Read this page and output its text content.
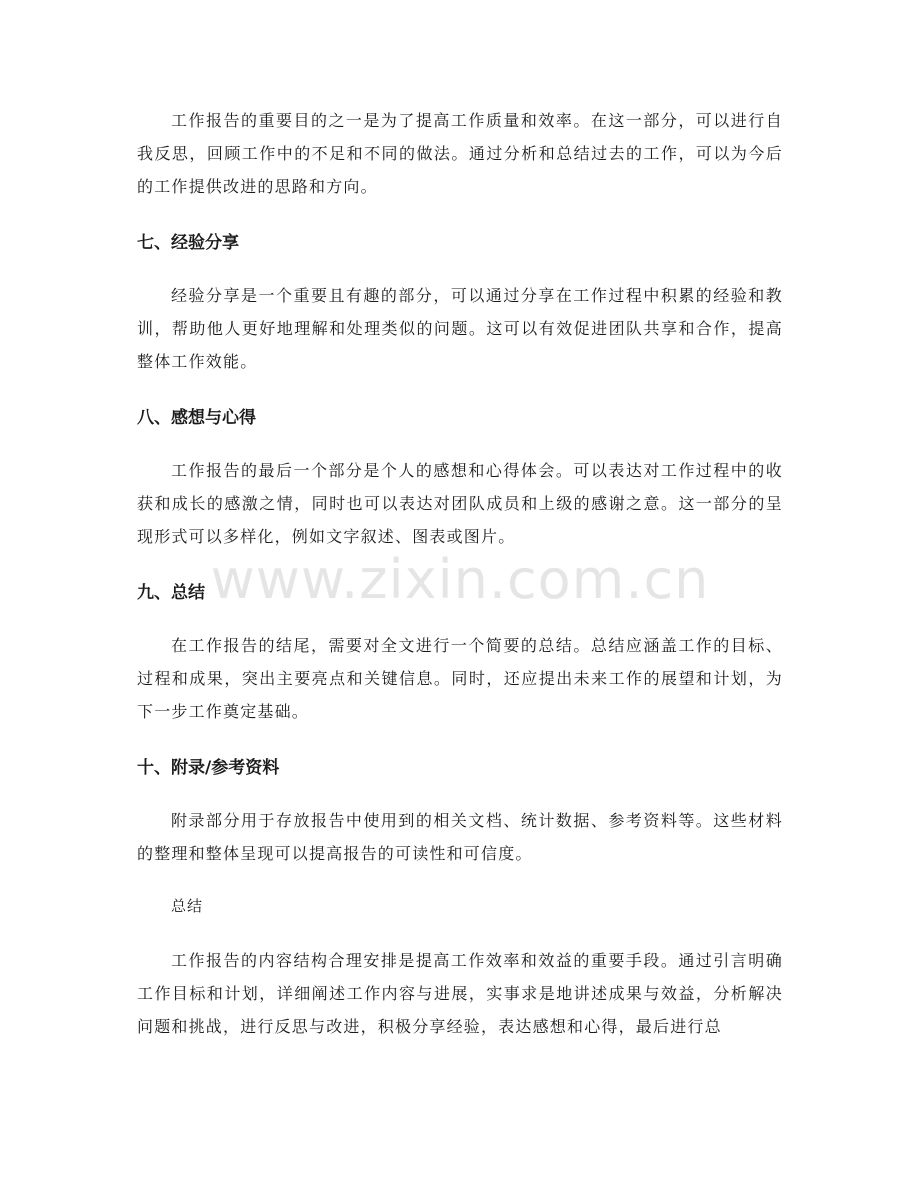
工作报告的重要目的之一是为了提高工作质量和效率。在这一部分，可以进行自我反思，回顾工作中的不足和不同的做法。通过分析和总结过去的工作，可以为今后的工作提供改进的思路和方向。

七、经验分享

经验分享是一个重要且有趣的部分，可以通过分享在工作过程中积累的经验和教训，帮助他人更好地理解和处理类似的问题。这可以有效促进团队共享和合作，提高整体工作效能。

八、感想与心得

工作报告的最后一个部分是个人的感想和心得体会。可以表达对工作过程中的收获和成长的感激之情，同时也可以表达对团队成员和上级的感谢之意。这一部分的呈现形式可以多样化，例如文字叙述、图表或图片。

九、总结

在工作报告的结尾，需要对全文进行一个简要的总结。总结应涵盖工作的目标、过程和成果，突出主要亮点和关键信息。同时，还应提出未来工作的展望和计划，为下一步工作奠定基础。

十、附录/参考资料

附录部分用于存放报告中使用到的相关文档、统计数据、参考资料等。这些材料的整理和整体呈现可以提高报告的可读性和可信度。

总结

工作报告的内容结构合理安排是提高工作效率和效益的重要手段。通过引言明确工作目标和计划，详细阐述工作内容与进展，实事求是地讲述成果与效益，分析解决问题和挑战，进行反思与改进，积极分享经验，表达感想和心得，最后进行总

www.zixin.com.cn
